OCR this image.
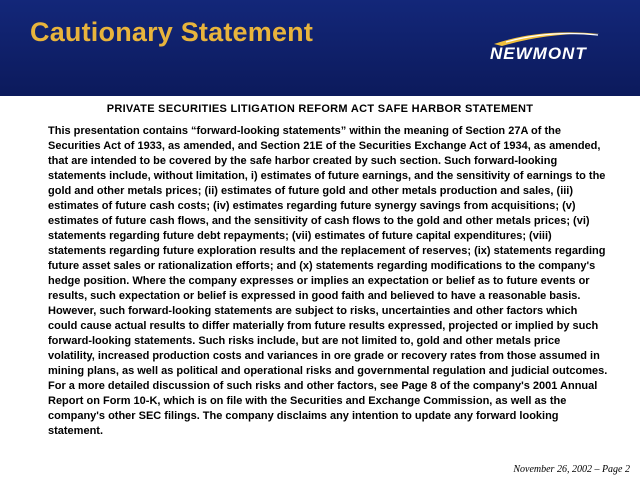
Cautionary Statement
NEWMONT
PRIVATE SECURITIES LITIGATION REFORM ACT SAFE HARBOR STATEMENT

This presentation contains “forward-looking statements” within the meaning of Section 27A of the Securities Act of 1933, as amended, and Section 21E of the Securities Exchange Act of 1934, as amended, that are intended to be covered by the safe harbor created by such section. Such forward-looking statements include, without limitation, i) estimates of future earnings, and the sensitivity of earnings to the gold and other metals prices; (ii) estimates of future gold and other metals production and sales, (iii) estimates of future cash costs; (iv) estimates regarding future synergy savings from acquisitions; (v) estimates of future cash flows, and the sensitivity of cash flows to the gold and other metals prices; (vi) statements regarding future debt repayments; (vii) estimates of future capital expenditures; (viii) statements regarding future exploration results and the replacement of reserves; (ix) statements regarding future asset sales or rationalization efforts; and (x) statements regarding modifications to the company's hedge position. Where the company expresses or implies an expectation or belief as to future events or results, such expectation or belief is expressed in good faith and believed to have a reasonable basis. However, such forward-looking statements are subject to risks, uncertainties and other factors which could cause actual results to differ materially from future results expressed, projected or implied by such forward-looking statements. Such risks include, but are not limited to, gold and other metals price volatility, increased production costs and variances in ore grade or recovery rates from those assumed in mining plans, as well as political and operational risks and governmental regulation and judicial outcomes. For a more detailed discussion of such risks and other factors, see Page 8 of the company's 2001 Annual Report on Form 10-K, which is on file with the Securities and Exchange Commission, as well as the company's other SEC filings. The company disclaims any intention to update any forward looking statement.

November 26, 2002 – Page 2
